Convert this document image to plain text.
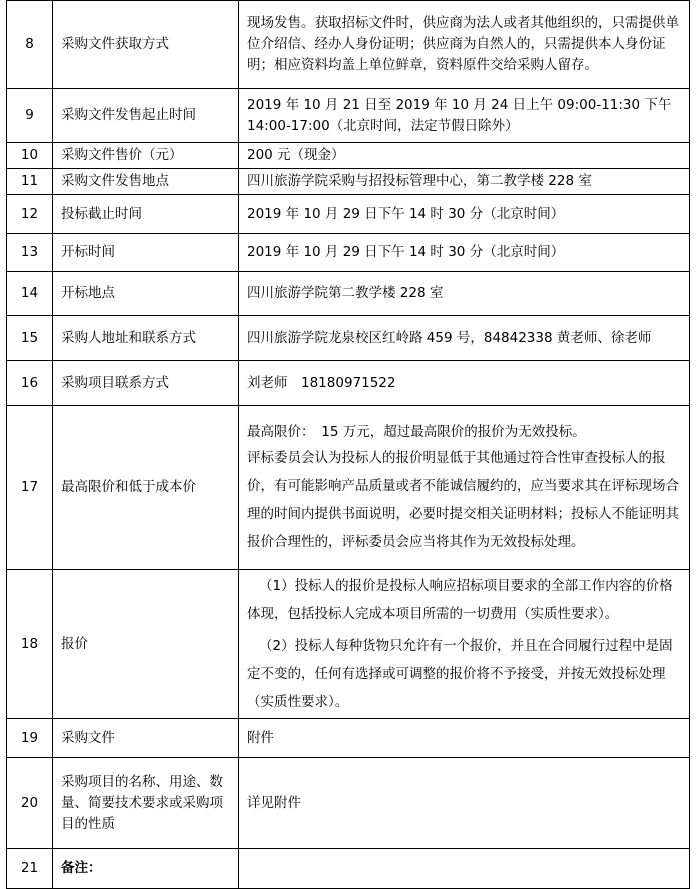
8	采购文件获取方式	现场发售。获取招标文件时，供应商为法人或者其他组织的，只需提供单位介绍信、经办人身份证明；供应商为自然人的，只需提供本人身份证明；相应资料均盖上单位鲜章，资料原件交给采购人留存。

9	采购文件发售起止时间	2019 年 10 月 21 日至 2019 年 10 月 24 日上午 09:00-11:30 下午 14:00-17:00（北京时间，法定节假日除外）

10	采购文件售价（元）	200 元（现金）

11	采购文件发售地点	四川旅游学院采购与招投标管理中心，第二教学楼 228 室

12	投标截止时间	2019 年 10 月 29 日下午 14 时 30 分（北京时间）

13	开标时间	2019 年 10 月 29 日下午 14 时 30 分（北京时间）

14	开标地点	四川旅游学院第二教学楼 228 室

15	采购人地址和联系方式	四川旅游学院龙泉校区红岭路 459 号，84842338 黄老师、徐老师

16	采购项目联系方式	刘老师　18180971522

17	最高限价和低于成本价	最高限价：　15 万元，超过最高限价的报价为无效投标。

评标委员会认为投标人的报价明显低于其他通过符合性审查投标人的报价，有可能影响产品质量或者不能诚信履约的，应当要求其在评标现场合理的时间内提供书面说明，必要时提交相关证明材料；投标人不能证明其报价合理性的，评标委员会应当将其作为无效投标处理。

18	报价	（1）投标人的报价是投标人响应招标项目要求的全部工作内容的价格体现，包括投标人完成本项目所需的一切费用（实质性要求）。

（2）投标人每种货物只允许有一个报价，并且在合同履行过程中是固定不变的，任何有选择或可调整的报价将不予接受，并按无效投标处理（实质性要求）。

19	采购文件	附件

20	采购项目的名称、用途、数量、简要技术要求或采购项目的性质	详见附件

21	备注：	
